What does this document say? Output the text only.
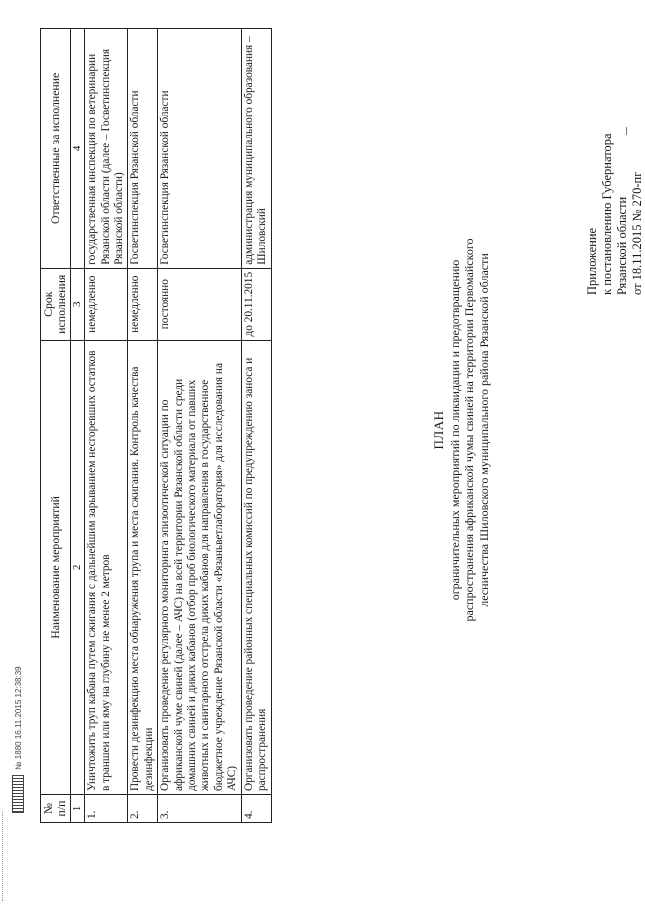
Приложение к постановлению Губернатора Рязанской области от 18.11.2015 № 270-пг
ПЛАН ограничительных мероприятий по ликвидации и предотвращению распространения африканской чумы свиней на территории Первомайского лесничества Шиловского муниципального района Рязанской области
№ п/п	Наименование мероприятий	Срок исполнения	Ответственные за исполнение
1	2	3	4
1.	Уничтожить труп кабана путем сжигания с дальнейшим зарыванием несгоревших остатков в траншеи или яму на глубину не менее 2 метров	немедленно	государственная инспекция по ветеринарии Рязанской области (далее – Госветинспекция Рязанской области)
2.	Провести дезинфекцию места обнаружения трупа и места сжигания. Контроль качества дезинфекции	немедленно	Госветинспекция Рязанской области
3.	Организовать проведение регулярного мониторинга эпизоотической ситуации по африканской чуме свиней (далее – АЧС) на всей территории Рязанской области среди домашних свиней и диких кабанов (отбор проб биологического материала от павших животных и санитарного отстрела диких кабанов для направления в государственное бюджетное учреждение Рязанской области «Рязаньветлаборатория» для исследования на АЧС)	постоянно	Госветинспекция Рязанской области
4.	Организовать проведение районных специальных комиссий по предупреждению заноса и распространения	до 20.11.2015	администрация муниципального образования – Шиловский
№ 1880 16.11.2015 12:38:39
